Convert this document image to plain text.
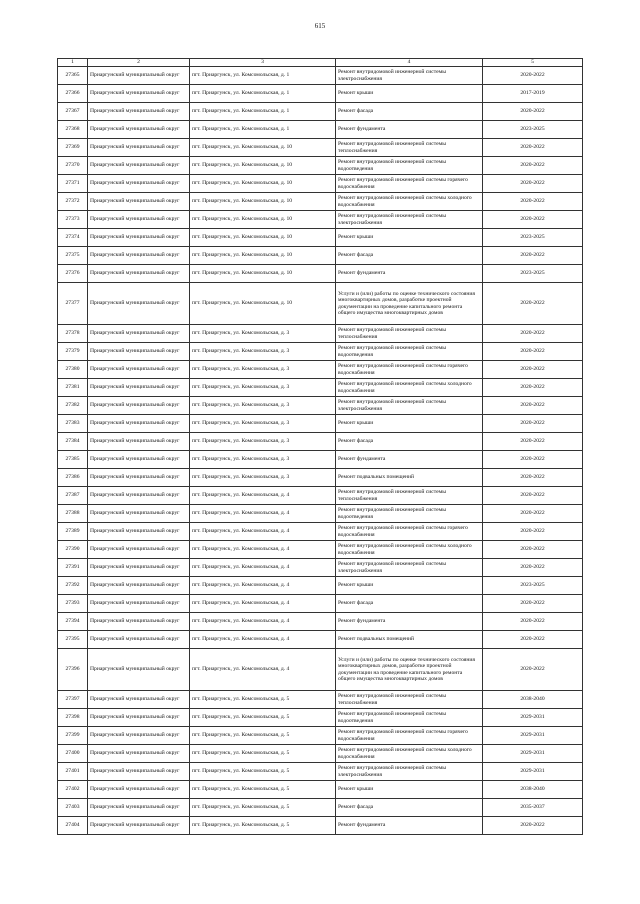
615
1	2	3	4	5
27365	Приаргунский муниципальный округ	пгт. Приаргунск, ул. Комсомольская, д. 1	Ремонт внутридомовой инженерной системы электроснабжения	2020-2022
27366	Приаргунский муниципальный округ	пгт. Приаргунск, ул. Комсомольская, д. 1	Ремонт крыши	2017-2019
27367	Приаргунский муниципальный округ	пгт. Приаргунск, ул. Комсомольская, д. 1	Ремонт фасада	2020-2022
27368	Приаргунский муниципальный округ	пгт. Приаргунск, ул. Комсомольская, д. 1	Ремонт фундамента	2023-2025
27369	Приаргунский муниципальный округ	пгт. Приаргунск, ул. Комсомольская, д. 10	Ремонт внутридомовой инженерной системы теплоснабжения	2020-2022
27370	Приаргунский муниципальный округ	пгт. Приаргунск, ул. Комсомольская, д. 10	Ремонт внутридомовой инженерной системы водоотведения	2020-2022
27371	Приаргунский муниципальный округ	пгт. Приаргунск, ул. Комсомольская, д. 10	Ремонт внутридомовой инженерной системы горячего водоснабжения	2020-2022
27372	Приаргунский муниципальный округ	пгт. Приаргунск, ул. Комсомольская, д. 10	Ремонт внутридомовой инженерной системы холодного водоснабжения	2020-2022
27373	Приаргунский муниципальный округ	пгт. Приаргунск, ул. Комсомольская, д. 10	Ремонт внутридомовой инженерной системы электроснабжения	2020-2022
27374	Приаргунский муниципальный округ	пгт. Приаргунск, ул. Комсомольская, д. 10	Ремонт крыши	2023-2025
27375	Приаргунский муниципальный округ	пгт. Приаргунск, ул. Комсомольская, д. 10	Ремонт фасада	2020-2022
27376	Приаргунский муниципальный округ	пгт. Приаргунск, ул. Комсомольская, д. 10	Ремонт фундамента	2023-2025
27377	Приаргунский муниципальный округ	пгт. Приаргунск, ул. Комсомольская, д. 10	Услуги и (или) работы по оценке технического состояния многоквартирных домов, разработке проектной документации на проведение капитального ремонта общего имущества многоквартирных домов	2020-2022
27378	Приаргунский муниципальный округ	пгт. Приаргунск, ул. Комсомольская, д. 3	Ремонт внутридомовой инженерной системы теплоснабжения	2020-2022
27379	Приаргунский муниципальный округ	пгт. Приаргунск, ул. Комсомольская, д. 3	Ремонт внутридомовой инженерной системы водоотведения	2020-2022
27380	Приаргунский муниципальный округ	пгт. Приаргунск, ул. Комсомольская, д. 3	Ремонт внутридомовой инженерной системы горячего водоснабжения	2020-2022
27381	Приаргунский муниципальный округ	пгт. Приаргунск, ул. Комсомольская, д. 3	Ремонт внутридомовой инженерной системы холодного водоснабжения	2020-2022
27382	Приаргунский муниципальный округ	пгт. Приаргунск, ул. Комсомольская, д. 3	Ремонт внутридомовой инженерной системы электроснабжения	2020-2022
27383	Приаргунский муниципальный округ	пгт. Приаргунск, ул. Комсомольская, д. 3	Ремонт крыши	2020-2022
27384	Приаргунский муниципальный округ	пгт. Приаргунск, ул. Комсомольская, д. 3	Ремонт фасада	2020-2022
27385	Приаргунский муниципальный округ	пгт. Приаргунск, ул. Комсомольская, д. 3	Ремонт фундамента	2020-2022
27386	Приаргунский муниципальный округ	пгт. Приаргунск, ул. Комсомольская, д. 3	Ремонт подвальных помещений	2020-2022
27387	Приаргунский муниципальный округ	пгт. Приаргунск, ул. Комсомольская, д. 4	Ремонт внутридомовой инженерной системы теплоснабжения	2020-2022
27388	Приаргунский муниципальный округ	пгт. Приаргунск, ул. Комсомольская, д. 4	Ремонт внутридомовой инженерной системы водоотведения	2020-2022
27389	Приаргунский муниципальный округ	пгт. Приаргунск, ул. Комсомольская, д. 4	Ремонт внутридомовой инженерной системы горячего водоснабжения	2020-2022
27390	Приаргунский муниципальный округ	пгт. Приаргунск, ул. Комсомольская, д. 4	Ремонт внутридомовой инженерной системы холодного водоснабжения	2020-2022
27391	Приаргунский муниципальный округ	пгт. Приаргунск, ул. Комсомольская, д. 4	Ремонт внутридомовой инженерной системы электроснабжения	2020-2022
27392	Приаргунский муниципальный округ	пгт. Приаргунск, ул. Комсомольская, д. 4	Ремонт крыши	2023-2025
27393	Приаргунский муниципальный округ	пгт. Приаргунск, ул. Комсомольская, д. 4	Ремонт фасада	2020-2022
27394	Приаргунский муниципальный округ	пгт. Приаргунск, ул. Комсомольская, д. 4	Ремонт фундамента	2020-2022
27395	Приаргунский муниципальный округ	пгт. Приаргунск, ул. Комсомольская, д. 4	Ремонт подвальных помещений	2020-2022
27396	Приаргунский муниципальный округ	пгт. Приаргунск, ул. Комсомольская, д. 4	Услуги и (или) работы по оценке технического состояния многоквартирных домов, разработке проектной документации на проведение капитального ремонта общего имущества многоквартирных домов	2020-2022
27397	Приаргунский муниципальный округ	пгт. Приаргунск, ул. Комсомольская, д. 5	Ремонт внутридомовой инженерной системы теплоснабжения	2038-2040
27398	Приаргунский муниципальный округ	пгт. Приаргунск, ул. Комсомольская, д. 5	Ремонт внутридомовой инженерной системы водоотведения	2029-2031
27399	Приаргунский муниципальный округ	пгт. Приаргунск, ул. Комсомольская, д. 5	Ремонт внутридомовой инженерной системы горячего водоснабжения	2029-2031
27400	Приаргунский муниципальный округ	пгт. Приаргунск, ул. Комсомольская, д. 5	Ремонт внутридомовой инженерной системы холодного водоснабжения	2029-2031
27401	Приаргунский муниципальный округ	пгт. Приаргунск, ул. Комсомольская, д. 5	Ремонт внутридомовой инженерной системы электроснабжения	2029-2031
27402	Приаргунский муниципальный округ	пгт. Приаргунск, ул. Комсомольская, д. 5	Ремонт крыши	2038-2040
27403	Приаргунский муниципальный округ	пгт. Приаргунск, ул. Комсомольская, д. 5	Ремонт фасада	2035-2037
27404	Приаргунский муниципальный округ	пгт. Приаргунск, ул. Комсомольская, д. 5	Ремонт фундамента	2020-2022
